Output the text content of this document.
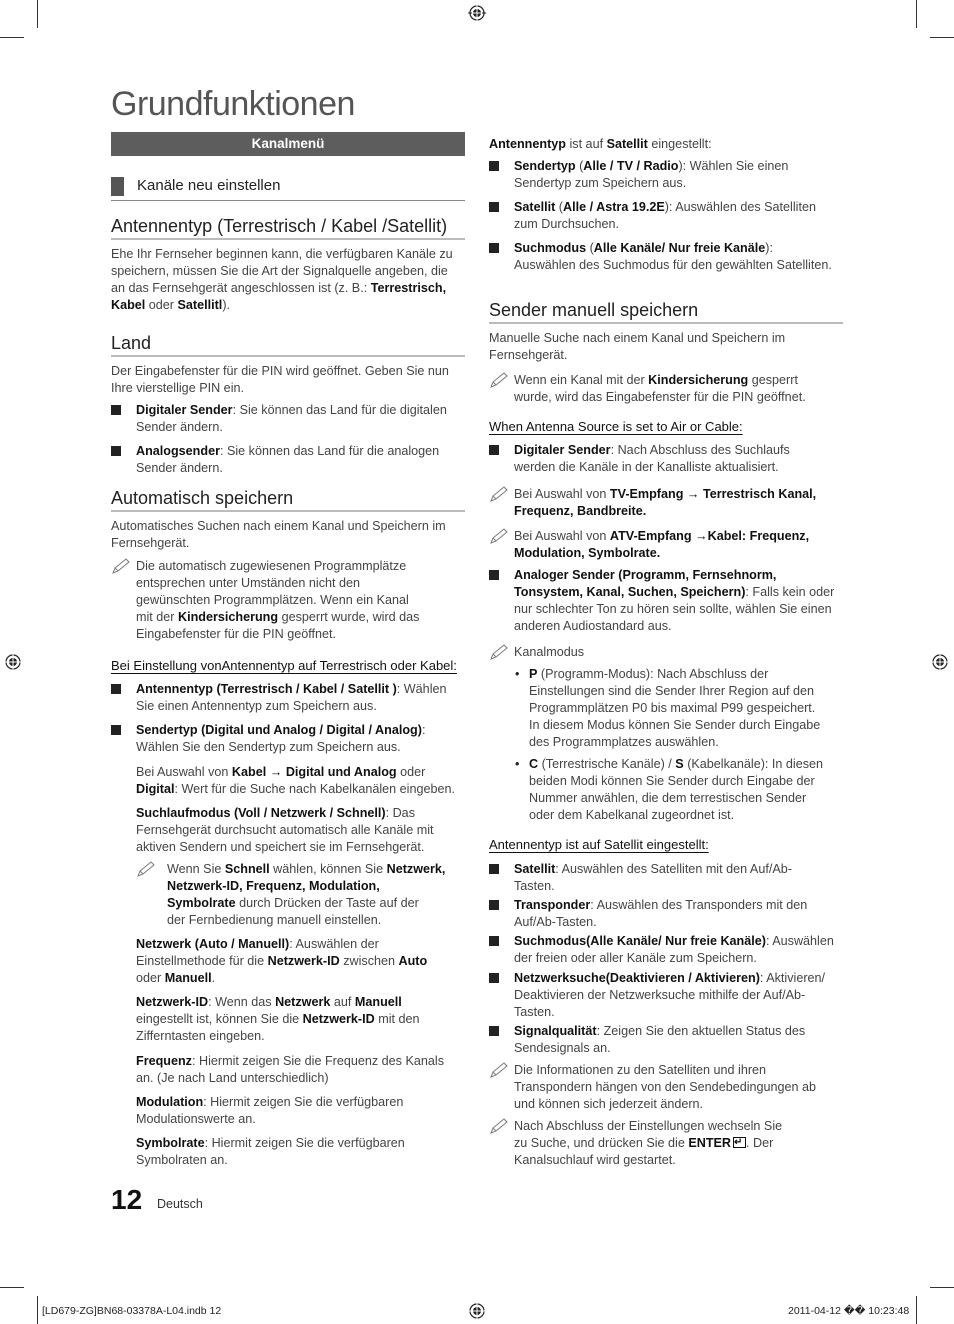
Grundfunktionen
Kanalmenü
Kanäle neu einstellen
Antennentyp (Terrestrisch / Kabel /Satellit)
Ehe Ihr Fernseher beginnen kann, die verfügbaren Kanäle zu
speichern, müssen Sie die Art der Signalquelle angeben, die
an das Fernsehgerät angeschlossen ist (z. B.: Terrestrisch,
Kabel oder Satellitl).
Land
Der Eingabefenster für die PIN wird geöffnet. Geben Sie nun
Ihre vierstellige PIN ein.
Digitaler Sender: Sie können das Land für die digitalen
Sender ändern.
Analogsender: Sie können das Land für die analogen
Sender ändern.
Automatisch speichern
Automatisches Suchen nach einem Kanal und Speichern im
Fernsehgerät.
Die automatisch zugewiesenen Programmplätze
entsprechen unter Umständen nicht den
gewünschten Programmplätzen. Wenn ein Kanal
mit der Kindersicherung gesperrt wurde, wird das
Eingabefenster für die PIN geöffnet.
Bei Einstellung vonAntennentyp auf Terrestrisch oder Kabel:
Antennentyp (Terrestrisch / Kabel / Satellit ): Wählen
Sie einen Antennentyp zum Speichern aus.
Sendertyp (Digital und Analog / Digital / Analog):
Wählen Sie den Sendertyp zum Speichern aus.
Bei Auswahl von Kabel → Digital und Analog oder
Digital: Wert für die Suche nach Kabelkanälen eingeben.
Suchlaufmodus (Voll / Netzwerk / Schnell): Das
Fernsehgerät durchsucht automatisch alle Kanäle mit
aktiven Sendern und speichert sie im Fernsehgerät.
Wenn Sie Schnell wählen, können Sie Netzwerk,
Netzwerk-ID, Frequenz, Modulation,
Symbolrate durch Drücken der Taste auf der
der Fernbedienung manuell einstellen.
Netzwerk (Auto / Manuell): Auswählen der
Einstellmethode für die Netzwerk-ID zwischen Auto
oder Manuell.
Netzwerk-ID: Wenn das Netzwerk auf Manuell
eingestellt ist, können Sie die Netzwerk-ID mit den
Zifferntasten eingeben.
Frequenz: Hiermit zeigen Sie die Frequenz des Kanals
an. (Je nach Land unterschiedlich)
Modulation: Hiermit zeigen Sie die verfügbaren
Modulationswerte an.
Symbolrate: Hiermit zeigen Sie die verfügbaren
Symbolraten an.
Antennentyp ist auf Satellit eingestellt:
Sendertyp (Alle / TV / Radio): Wählen Sie einen
Sendertyp zum Speichern aus.
Satellit (Alle / Astra 19.2E): Auswählen des Satelliten
zum Durchsuchen.
Suchmodus (Alle Kanäle/ Nur freie Kanäle):
Auswählen des Suchmodus für den gewählten Satelliten.
Sender manuell speichern
Manuelle Suche nach einem Kanal und Speichern im
Fernsehgerät.
Wenn ein Kanal mit der Kindersicherung gesperrt
wurde, wird das Eingabefenster für die PIN geöffnet.
When Antenna Source is set to Air or Cable:
Digitaler Sender: Nach Abschluss des Suchlaufs
werden die Kanäle in der Kanalliste aktualisiert.
Bei Auswahl von TV-Empfang → Terrestrisch Kanal,
Frequenz, Bandbreite.
Bei Auswahl von ATV-Empfang →Kabel: Frequenz,
Modulation, Symbolrate.
Analoger Sender (Programm, Fernsehnorm,
Tonsystem, Kanal, Suchen, Speichern): Falls kein oder
nur schlechter Ton zu hören sein sollte, wählen Sie einen
anderen Audiostandard aus.
Kanalmodus
• P (Programm-Modus): Nach Abschluss der
Einstellungen sind die Sender Ihrer Region auf den
Programmplätzen P0 bis maximal P99 gespeichert.
In diesem Modus können Sie Sender durch Eingabe
des Programmplatzes auswählen.
• C (Terrestrische Kanäle) / S (Kabelkanäle): In diesen
beiden Modi können Sie Sender durch Eingabe der
Nummer anwählen, die dem terrestischen Sender
oder dem Kabelkanal zugeordnet ist.
Antennentyp ist auf Satellit eingestellt:
Satellit: Auswählen des Satelliten mit den Auf/Ab-
Tasten.
Transponder: Auswählen des Transponders mit den
Auf/Ab-Tasten.
Suchmodus(Alle Kanäle/ Nur freie Kanäle): Auswählen
der freien oder aller Kanäle zum Speichern.
Netzwerksuche(Deaktivieren / Aktivieren): Aktivieren/
Deaktivieren der Netzwerksuche mithilfe der Auf/Ab-
Tasten.
Signalqualität: Zeigen Sie den aktuellen Status des
Sendesignals an.
Die Informationen zu den Satelliten und ihren
Transpondern hängen von den Sendebedingungen ab
und können sich jederzeit ändern.
Nach Abschluss der Einstellungen wechseln Sie
zu Suche, und drücken Sie die ENTER↵ . Der
Kanalsuchlauf wird gestartet.
12 Deutsch
[LD679-ZG]BN68-03378A-L04.indb 12	2011-04-12 �� 10:23:48
